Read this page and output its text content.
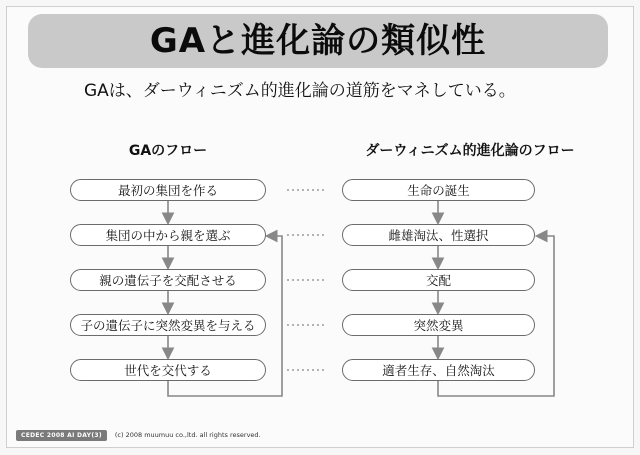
GAと進化論の類似性
GAは、ダーウィニズム的進化論の道筋をマネしている。
GAのフロー	ダーウィニズム的進化論のフロー
最初の集団を作る
集団の中から親を選ぶ
親の遺伝子を交配させる
子の遺伝子に突然変異を与える
世代を交代する
生命の誕生
雌雄淘汰、性選択
交配
突然変異
適者生存、自然淘汰
CEDEC 2008 AI DAY(3)	(c) 2008 muumuu co.,ltd. all rights reserved.
